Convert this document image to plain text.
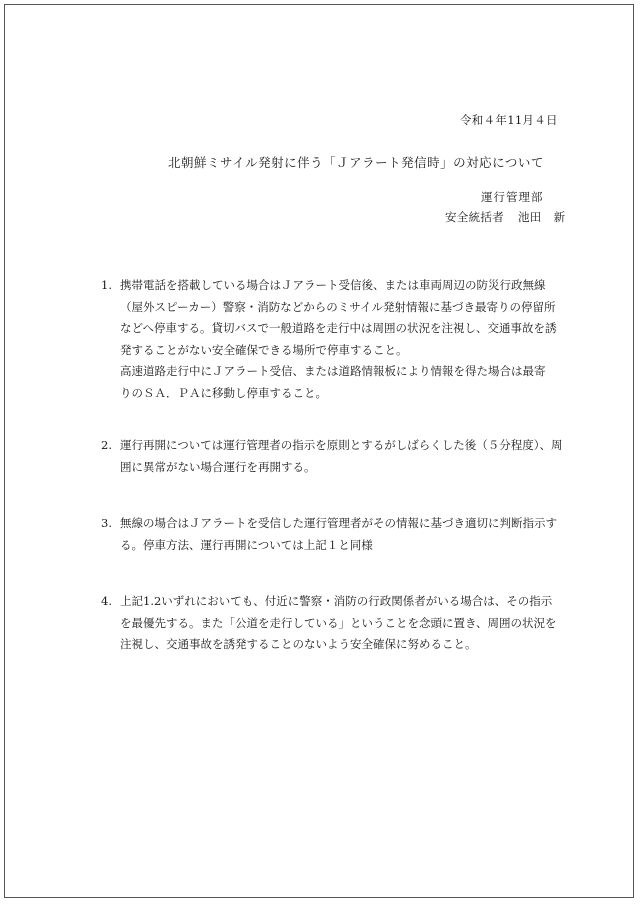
令和４年11月４日
北朝鮮ミサイル発射に伴う「Ｊアラート発信時」の対応について
運行管理部
安全統括者 池田 新
1. 携帯電話を搭載している場合はＪアラート受信後、または車両周辺の防災行政無線
（屋外スピーカー）警察・消防などからのミサイル発射情報に基づき最寄りの停留所
などへ停車する。貸切バスで一般道路を走行中は周囲の状況を注視し、交通事故を誘
発することがない安全確保できる場所で停車すること。
高速道路走行中にＪアラート受信、または道路情報板により情報を得た場合は最寄
りのＳＡ．ＰＡに移動し停車すること。
2. 運行再開については運行管理者の指示を原則とするがしばらくした後（５分程度）、周
囲に異常がない場合運行を再開する。
3. 無線の場合はＪアラートを受信した運行管理者がその情報に基づき適切に判断指示す
る。停車方法、運行再開については上記１と同様
4. 上記1.2いずれにおいても、付近に警察・消防の行政関係者がいる場合は、その指示
を最優先する。また「公道を走行している」ということを念頭に置き、周囲の状況を
注視し、交通事故を誘発することのないよう安全確保に努めること。
